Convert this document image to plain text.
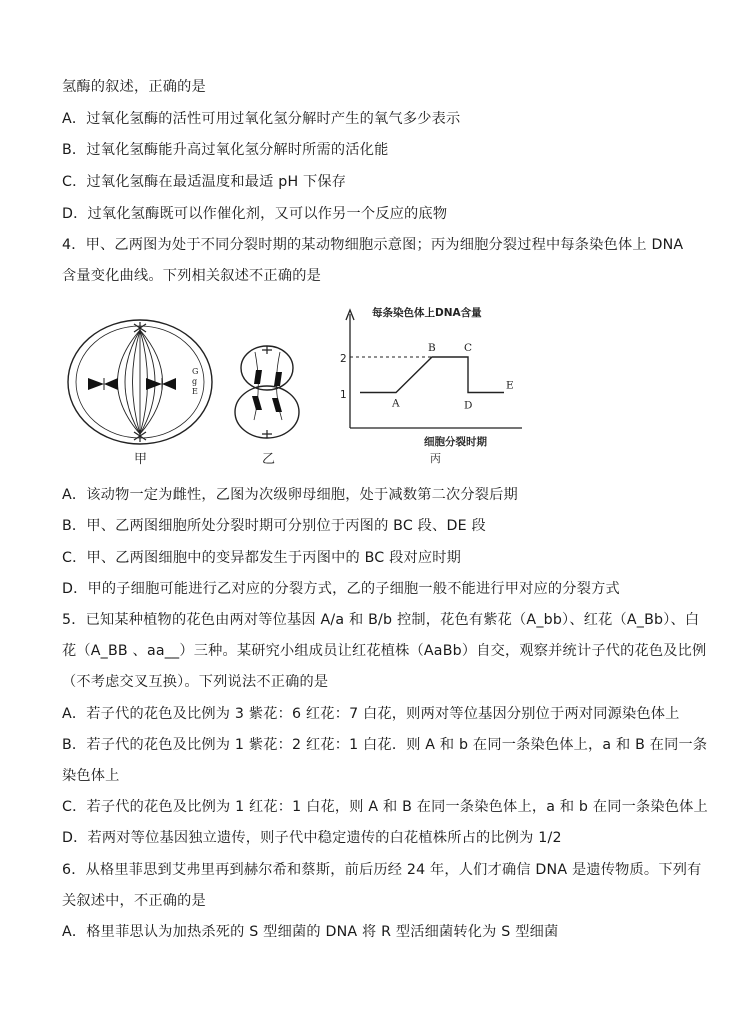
氢酶的叙述，正确的是
A．过氧化氢酶的活性可用过氧化氢分解时产生的氧气多少表示
B．过氧化氢酶能升高过氧化氢分解时所需的活化能
C．过氧化氢酶在最适温度和最适 pH 下保存
D．过氧化氢酶既可以作催化剂，又可以作另一个反应的底物
4．甲、乙两图为处于不同分裂时期的某动物细胞示意图；丙为细胞分裂过程中每条染色体上 DNA
含量变化曲线。下列相关叙述不正确的是
G
g
E
甲	乙
每条染色体上DNA含量
细胞分裂时期
丙
1
2
A
B	C
D
E
A．该动物一定为雌性，乙图为次级卵母细胞，处于减数第二次分裂后期
B．甲、乙两图细胞所处分裂时期可分别位于丙图的 BC 段、DE 段
C．甲、乙两图细胞中的变异都发生于丙图中的 BC 段对应时期
D．甲的子细胞可能进行乙对应的分裂方式，乙的子细胞一般不能进行甲对应的分裂方式
5．已知某种植物的花色由两对等位基因 A/a 和 B/b 控制，花色有紫花（A_bb）、红花（A_Bb）、白
花（A_BB 、aa__）三种。某研究小组成员让红花植株（AaBb）自交，观察并统计子代的花色及比例
（不考虑交叉互换）。下列说法不正确的是
A．若子代的花色及比例为 3 紫花：6 红花：7 白花，则两对等位基因分别位于两对同源染色体上
B．若子代的花色及比例为 1 紫花：2 红花：1 白花．则 A 和 b 在同一条染色体上，a 和 B 在同一条
染色体上
C．若子代的花色及比例为 1 红花：1 白花，则 A 和 B 在同一条染色体上，a 和 b 在同一条染色体上
D．若两对等位基因独立遗传，则子代中稳定遗传的白花植株所占的比例为 1/2
6．从格里菲思到艾弗里再到赫尔希和蔡斯，前后历经 24 年，人们才确信 DNA 是遗传物质。下列有
关叙述中，不正确的是
A．格里菲思认为加热杀死的 S 型细菌的 DNA 将 R 型活细菌转化为 S 型细菌
